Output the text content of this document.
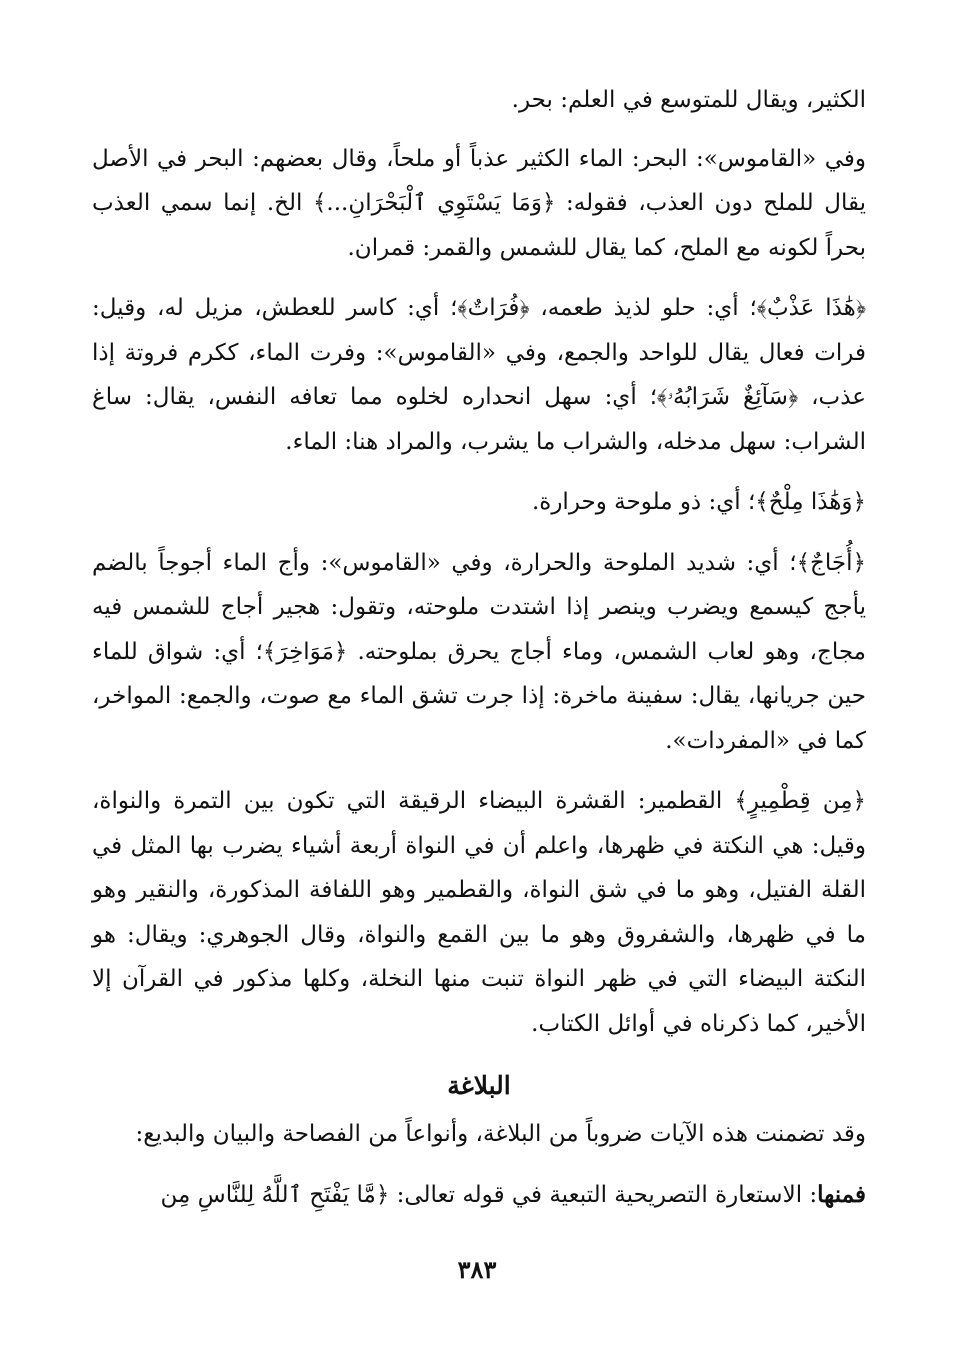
الكثير، ويقال للمتوسع في العلم: بحر.

وفي «القاموس»: البحر: الماء الكثير عذباً أو ملحاً، وقال بعضهم: البحر في الأصل يقال للملح دون العذب، فقوله: ﴿وَمَا يَسْتَوِي ٱلْبَحْرَانِ...﴾ الخ. إنما سمي العذب بحراً لكونه مع الملح، كما يقال للشمس والقمر: قمران.

﴿هَٰذَا عَذْبٌ﴾؛ أي: حلو لذيذ طعمه، ﴿فُرَاتٌ﴾؛ أي: كاسر للعطش، مزيل له، وقيل: فرات فعال يقال للواحد والجمع، وفي «القاموس»: وفرت الماء، ككرم فروتة إذا عذب، ﴿سَآئِغٌ شَرَابُهُۥ﴾؛ أي: سهل انحداره لخلوه مما تعافه النفس، يقال: ساغ الشراب: سهل مدخله، والشراب ما يشرب، والمراد هنا: الماء.

﴿وَهَٰذَا مِلْحٌ﴾؛ أي: ذو ملوحة وحرارة.

﴿أُجَاجٌ﴾؛ أي: شديد الملوحة والحرارة، وفي «القاموس»: وأج الماء أجوجاً بالضم يأجج كيسمع ويضرب وينصر إذا اشتدت ملوحته، وتقول: هجير أجاج للشمس فيه مجاج، وهو لعاب الشمس، وماء أجاج يحرق بملوحته. ﴿مَوَاخِرَ﴾؛ أي: شواق للماء حين جريانها، يقال: سفينة ماخرة: إذا جرت تشق الماء مع صوت، والجمع: المواخر، كما في «المفردات».

﴿مِن قِطْمِيرٍ﴾ القطمير: القشرة البيضاء الرقيقة التي تكون بين التمرة والنواة، وقيل: هي النكتة في ظهرها، واعلم أن في النواة أربعة أشياء يضرب بها المثل في القلة الفتيل، وهو ما في شق النواة، والقطمير وهو اللفافة المذكورة، والنقير وهو ما في ظهرها، والشفروق وهو ما بين القمع والنواة، وقال الجوهري: ويقال: هو النكتة البيضاء التي في ظهر النواة تنبت منها النخلة، وكلها مذكور في القرآن إلا الأخير، كما ذكرناه في أوائل الكتاب.

البلاغة

وقد تضمنت هذه الآيات ضروباً من البلاغة، وأنواعاً من الفصاحة والبيان والبديع:

فمنها: الاستعارة التصريحية التبعية في قوله تعالى: ﴿مَّا يَفْتَحِ ٱللَّهُ لِلنَّاسِ مِن

٣٨٣
